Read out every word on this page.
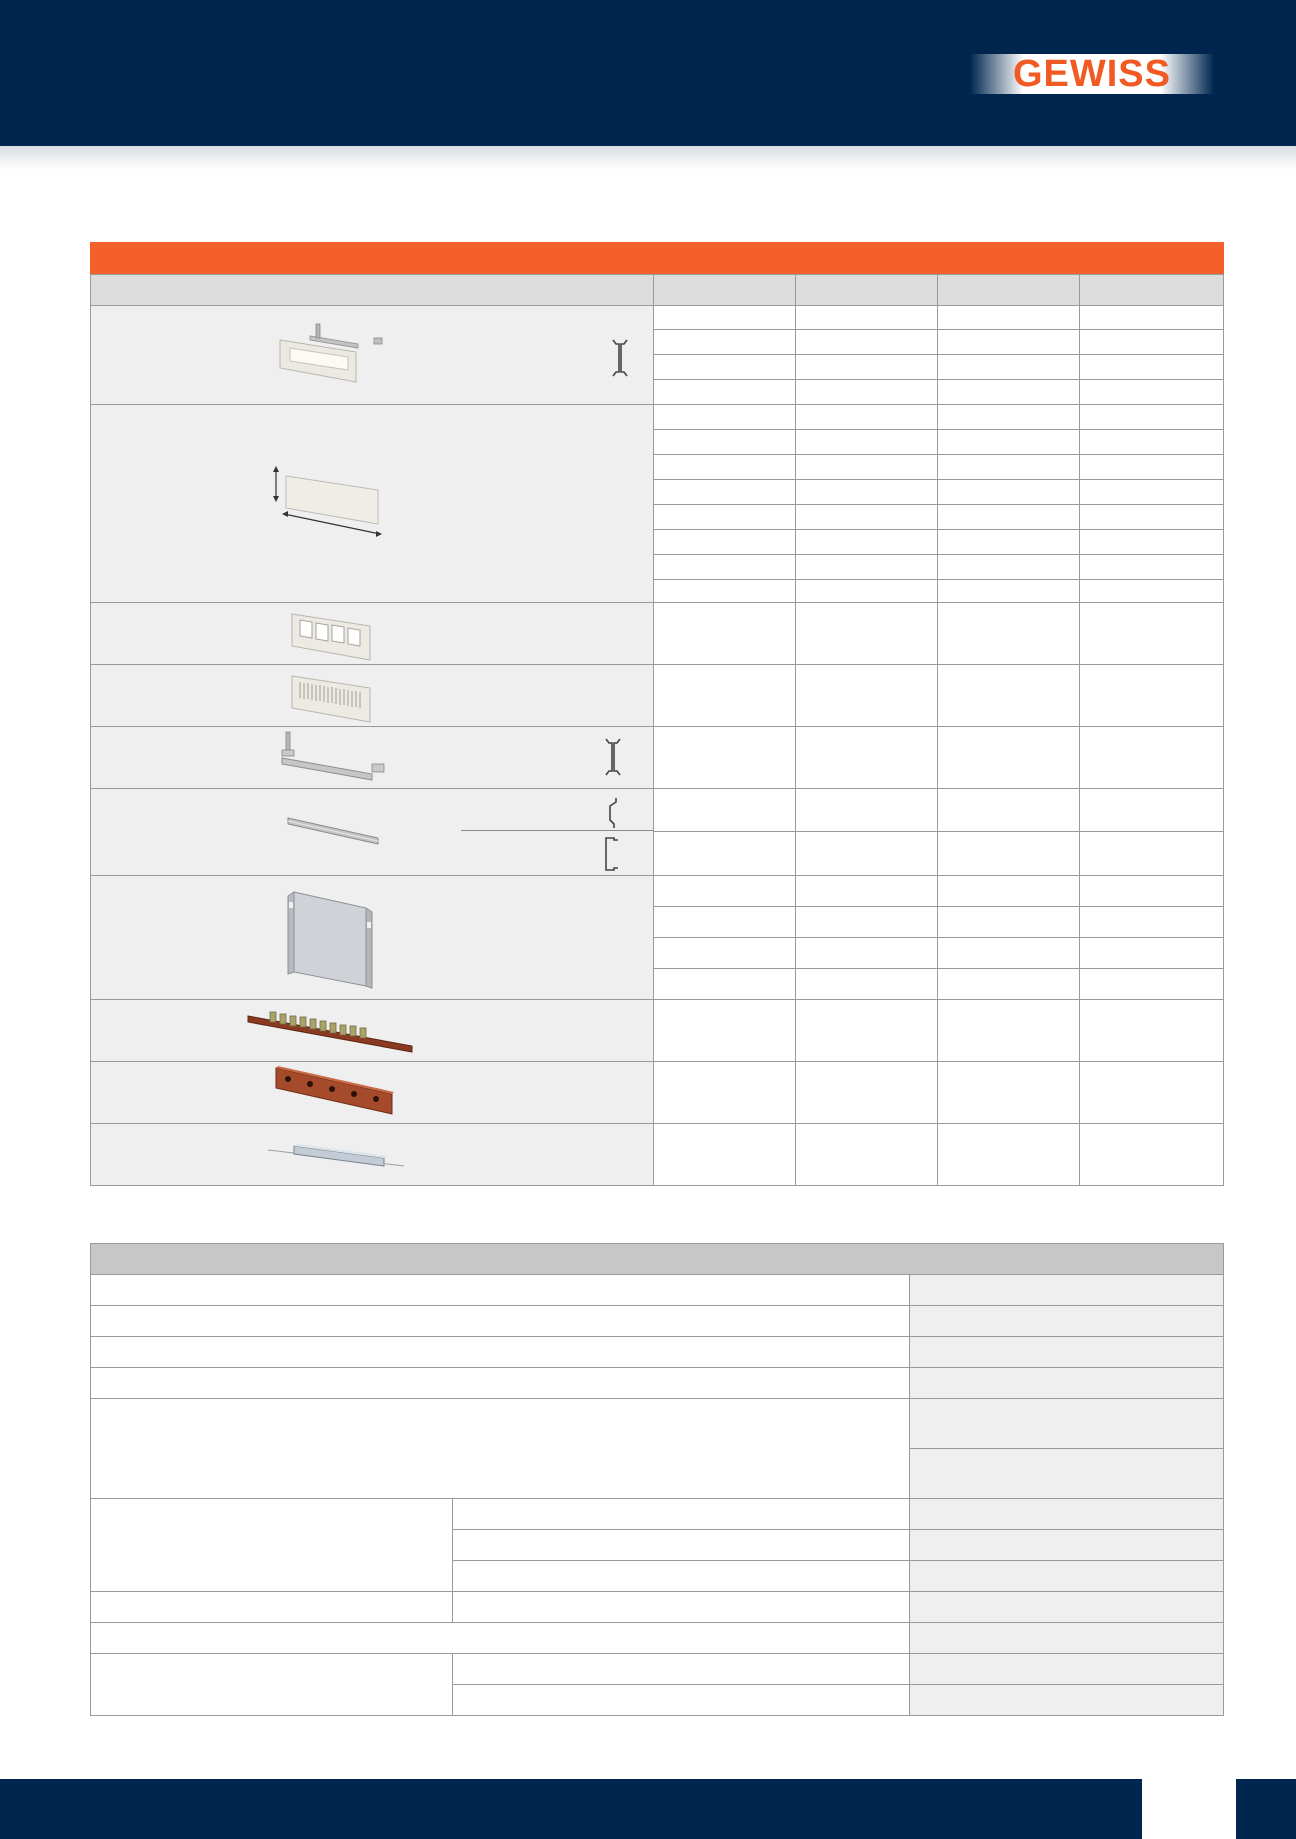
GEWISS
